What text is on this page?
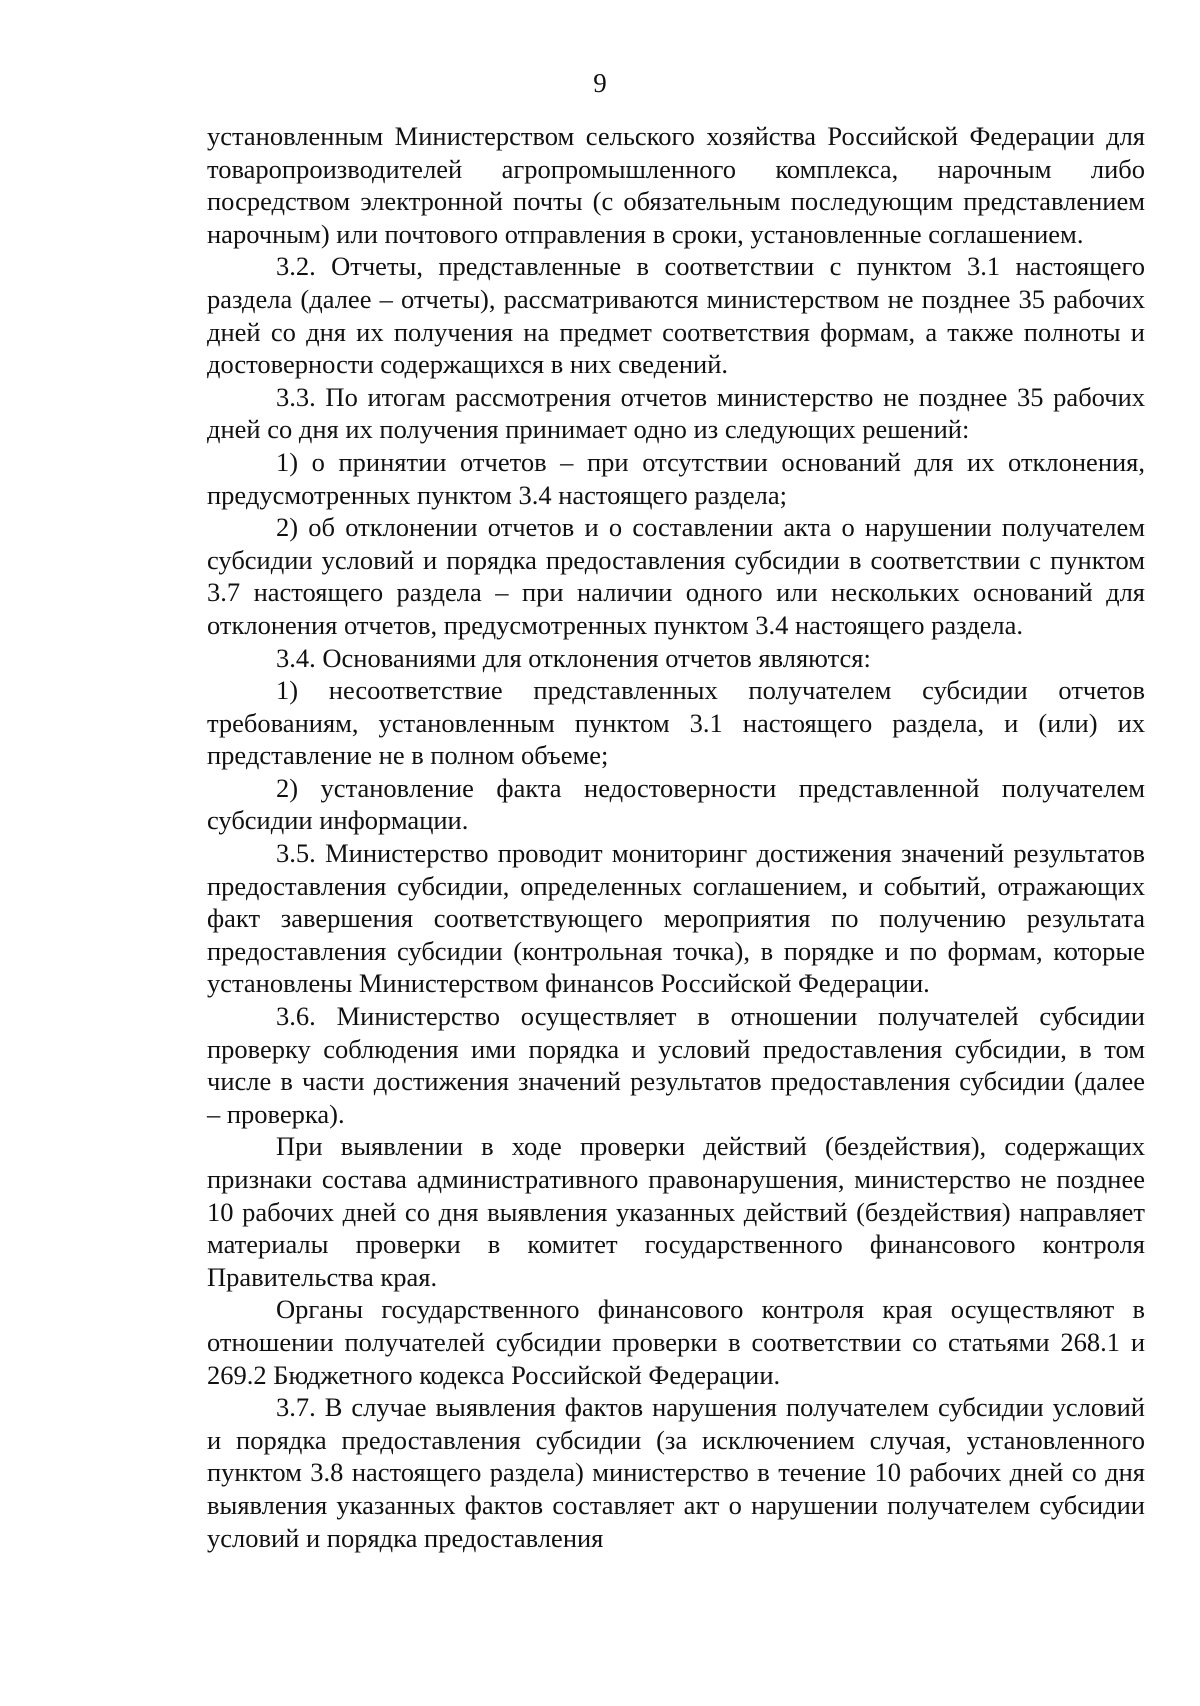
9

установленным Министерством сельского хозяйства Российской Федерации для товаропроизводителей агропромышленного комплекса, нарочным либо посредством электронной почты (с обязательным последующим представлением нарочным) или почтового отправления в сроки, установленные соглашением.

3.2. Отчеты, представленные в соответствии с пунктом 3.1 настоящего раздела (далее – отчеты), рассматриваются министерством не позднее 35 рабочих дней со дня их получения на предмет соответствия формам, а также полноты и достоверности содержащихся в них сведений.

3.3. По итогам рассмотрения отчетов министерство не позднее 35 рабочих дней со дня их получения принимает одно из следующих решений:

1) о принятии отчетов – при отсутствии оснований для их отклонения, предусмотренных пунктом 3.4 настоящего раздела;

2) об отклонении отчетов и о составлении акта о нарушении получателем субсидии условий и порядка предоставления субсидии в соответствии с пунктом 3.7 настоящего раздела – при наличии одного или нескольких оснований для отклонения отчетов, предусмотренных пунктом 3.4 настоящего раздела.

3.4. Основаниями для отклонения отчетов являются:

1) несоответствие представленных получателем субсидии отчетов требованиям, установленным пунктом 3.1 настоящего раздела, и (или) их представление не в полном объеме;

2) установление факта недостоверности представленной получателем субсидии информации.

3.5. Министерство проводит мониторинг достижения значений результатов предоставления субсидии, определенных соглашением, и событий, отражающих факт завершения соответствующего мероприятия по получению результата предоставления субсидии (контрольная точка), в порядке и по формам, которые установлены Министерством финансов Российской Федерации.

3.6. Министерство осуществляет в отношении получателей субсидии проверку соблюдения ими порядка и условий предоставления субсидии, в том числе в части достижения значений результатов предоставления субсидии (далее – проверка).

При выявлении в ходе проверки действий (бездействия), содержащих признаки состава административного правонарушения, министерство не позднее 10 рабочих дней со дня выявления указанных действий (бездействия) направляет материалы проверки в комитет государственного финансового контроля Правительства края.

Органы государственного финансового контроля края осуществляют в отношении получателей субсидии проверки в соответствии со статьями 268.1 и 269.2 Бюджетного кодекса Российской Федерации.

3.7. В случае выявления фактов нарушения получателем субсидии условий и порядка предоставления субсидии (за исключением случая, установленного пунктом 3.8 настоящего раздела) министерство в течение 10 рабочих дней со дня выявления указанных фактов составляет акт о нарушении получателем субсидии условий и порядка предоставления
